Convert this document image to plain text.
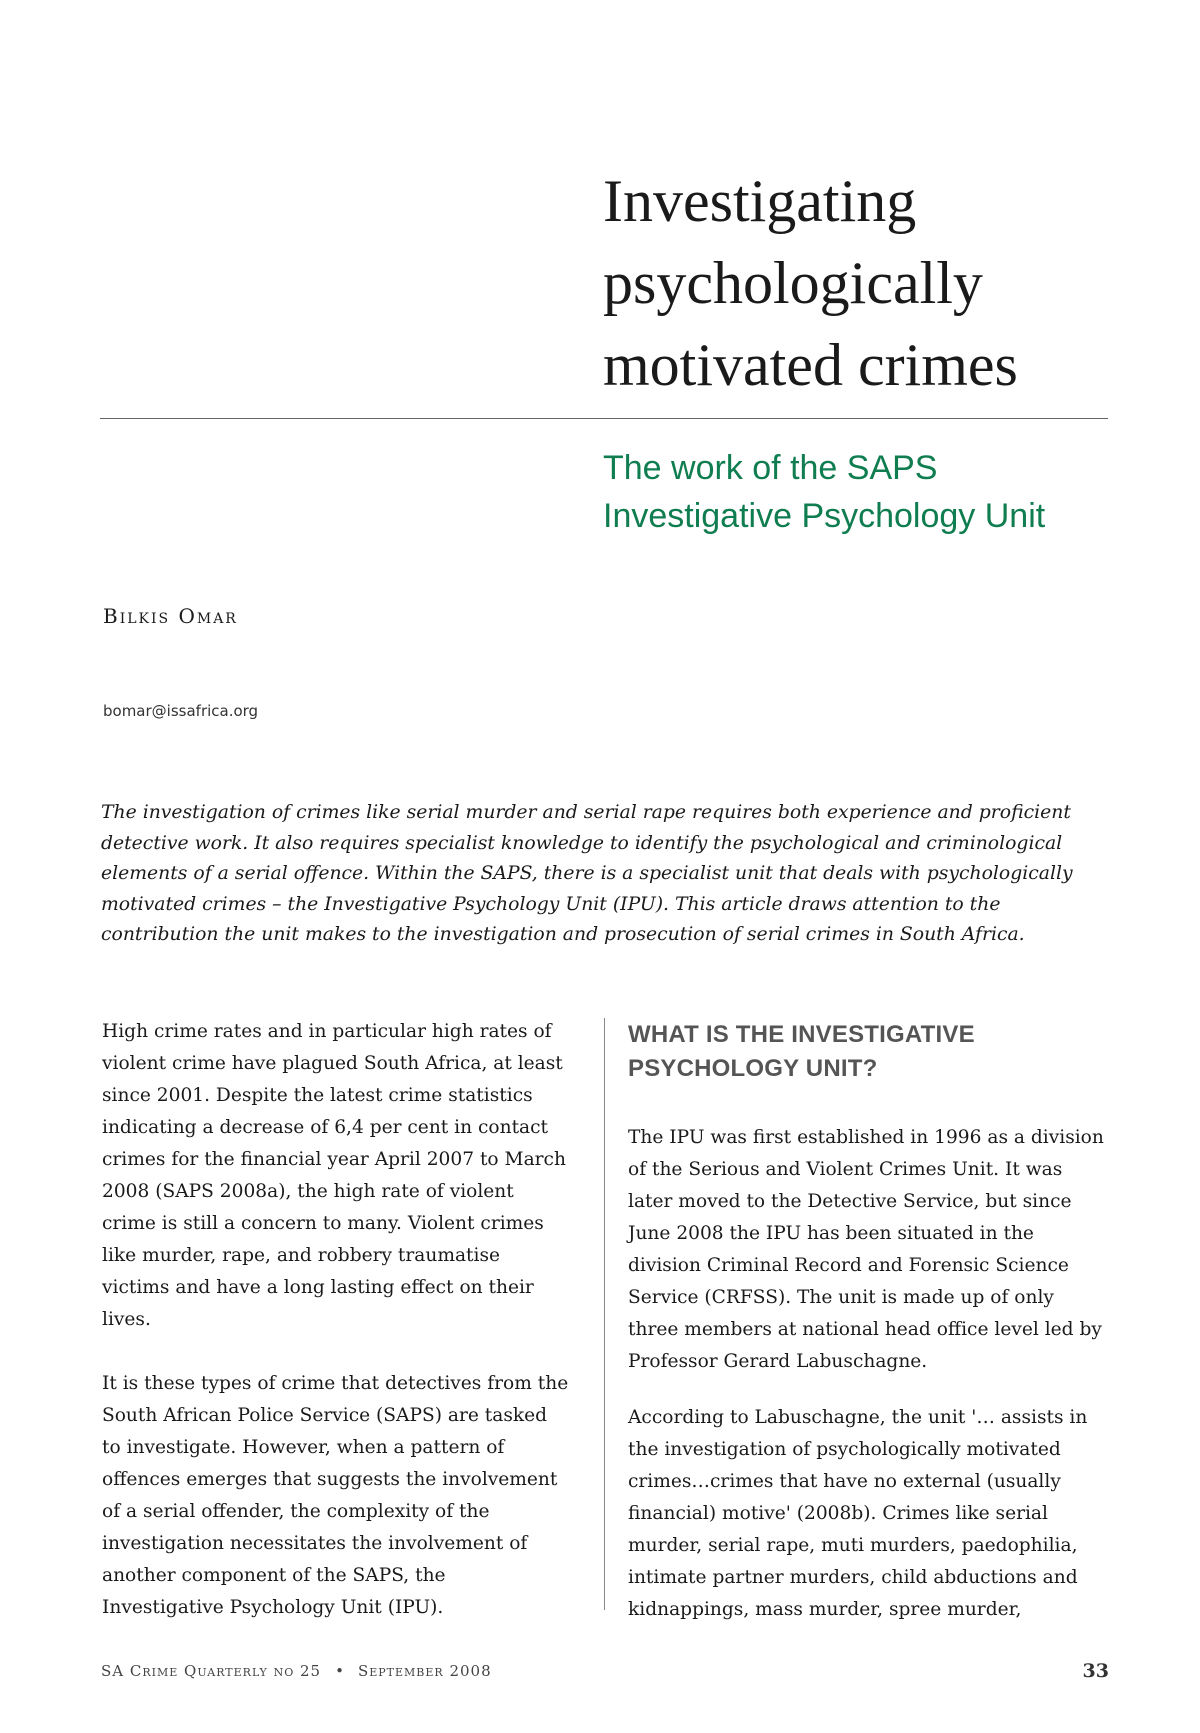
Investigating
psychologically
motivated crimes
The work of the SAPS
Investigative Psychology Unit
Bilkis Omar
bomar@issafrica.org
The investigation of crimes like serial murder and serial rape requires both experience and proficient
detective work. It also requires specialist knowledge to identify the psychological and criminological
elements of a serial offence. Within the SAPS, there is a specialist unit that deals with psychologically
motivated crimes – the Investigative Psychology Unit (IPU). This article draws attention to the
contribution the unit makes to the investigation and prosecution of serial crimes in South Africa.

High crime rates and in particular high rates of
violent crime have plagued South Africa, at least
since 2001. Despite the latest crime statistics
indicating a decrease of 6,4 per cent in contact
crimes for the financial year April 2007 to March
2008 (SAPS 2008a), the high rate of violent
crime is still a concern to many. Violent crimes
like murder, rape, and robbery traumatise
victims and have a long lasting effect on their
lives.

It is these types of crime that detectives from the
South African Police Service (SAPS) are tasked
to investigate. However, when a pattern of
offences emerges that suggests the involvement
of a serial offender, the complexity of the
investigation necessitates the involvement of
another component of the SAPS, the
Investigative Psychology Unit (IPU).

WHAT IS THE INVESTIGATIVE
PSYCHOLOGY UNIT?

The IPU was first established in 1996 as a division
of the Serious and Violent Crimes Unit. It was
later moved to the Detective Service, but since
June 2008 the IPU has been situated in the
division Criminal Record and Forensic Science
Service (CRFSS). The unit is made up of only
three members at national head office level led by
Professor Gerard Labuschagne.

According to Labuschagne, the unit '… assists in
the investigation of psychologically motivated
crimes…crimes that have no external (usually
financial) motive' (2008b). Crimes like serial
murder, serial rape, muti murders, paedophilia,
intimate partner murders, child abductions and
kidnappings, mass murder, spree murder,

SA Crime Quarterly no 25 • September 2008	33
